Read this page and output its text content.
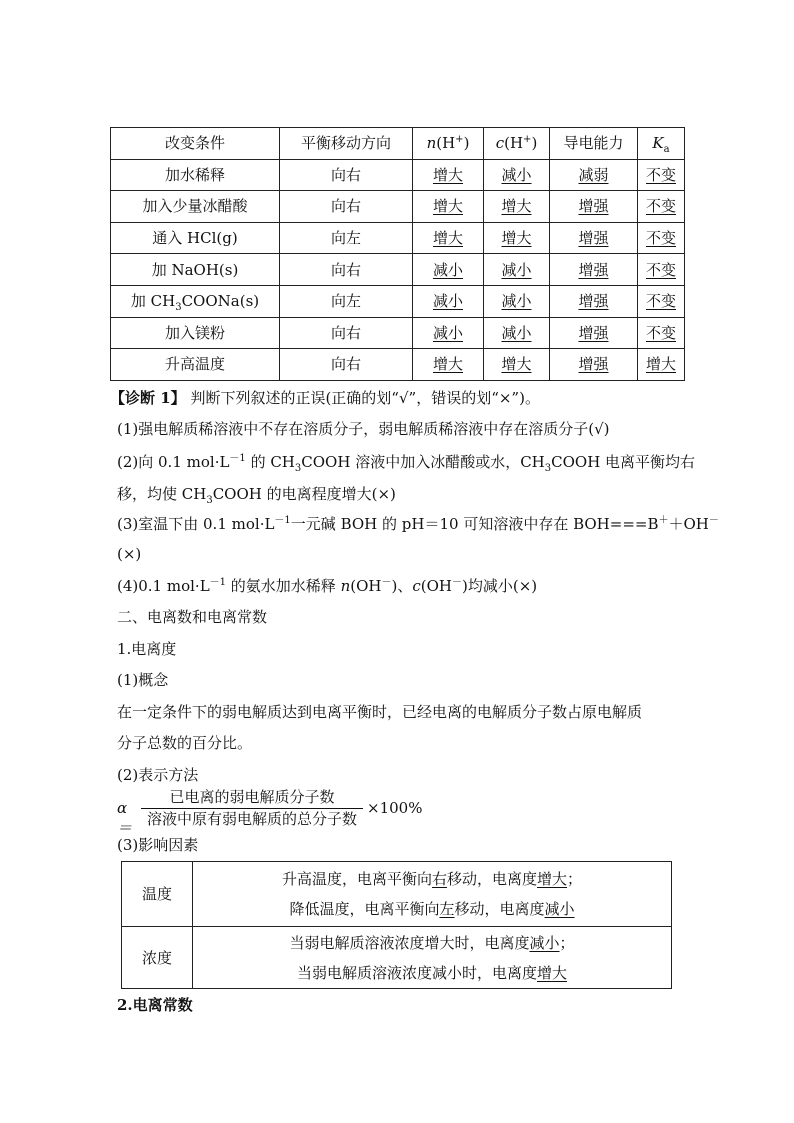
改变条件	平衡移动方向	n(H+)	c(H+)	导电能力	$K_a$
加水稀释	向右	增大	减小	减弱	不变
加入少量冰醋酸	向右	增大	增大	增强	不变
通入 HCl(g)	向左	增大	增大	增强	不变
加 NaOH(s)	向右	减小	减小	增强	不变
加 $CH_3COONa(s)$	向左	减小	减小	增强	不变
加入镁粉	向右	减小	减小	增强	不变
升高温度	向右	增大	增大	增强	增大
【诊断 1】 判断下列叙述的正误(正确的划“√”，错误的划“×”)。
(1)强电解质稀溶液中不存在溶质分子，弱电解质稀溶液中存在溶质分子(√)
(2)向 0.1 $mol\cdot L^{-1}$ 的 $CH_3COOH$ 溶液中加入冰醋酸或水，$CH_3COOH$ 电离平衡均右
移，均使 $CH_3COOH$ 的电离程度增大(×)
(3)室温下由 0.1 $mol\cdot L^{-1}$一元碱 BOH 的 pH＝10 可知溶液中存在 BOH===B＋＋OH－
(×)
(4)0.1 $mol\cdot L^{-1}$ 的氨水加水稀释 n(OH－)、c(OH－)均减小(×)
二、电离数和电离常数
1.电离度
(1)概念
在一定条件下的弱电解质达到电离平衡时，已经电离的电解质分子数占原电解质
分子总数的百分比。
(2)表示方法
α＝
已电离的弱电解质分子数
溶液中原有弱电解质的总分子数
×100%
(3)影响因素
温度	升高温度，电离平衡向右移动，电离度增大；
降低温度，电离平衡向左移动，电离度减小

浓度	当弱电解质溶液浓度增大时，电离度减小；
当弱电解质溶液浓度减小时，电离度增大
2.电离常数
